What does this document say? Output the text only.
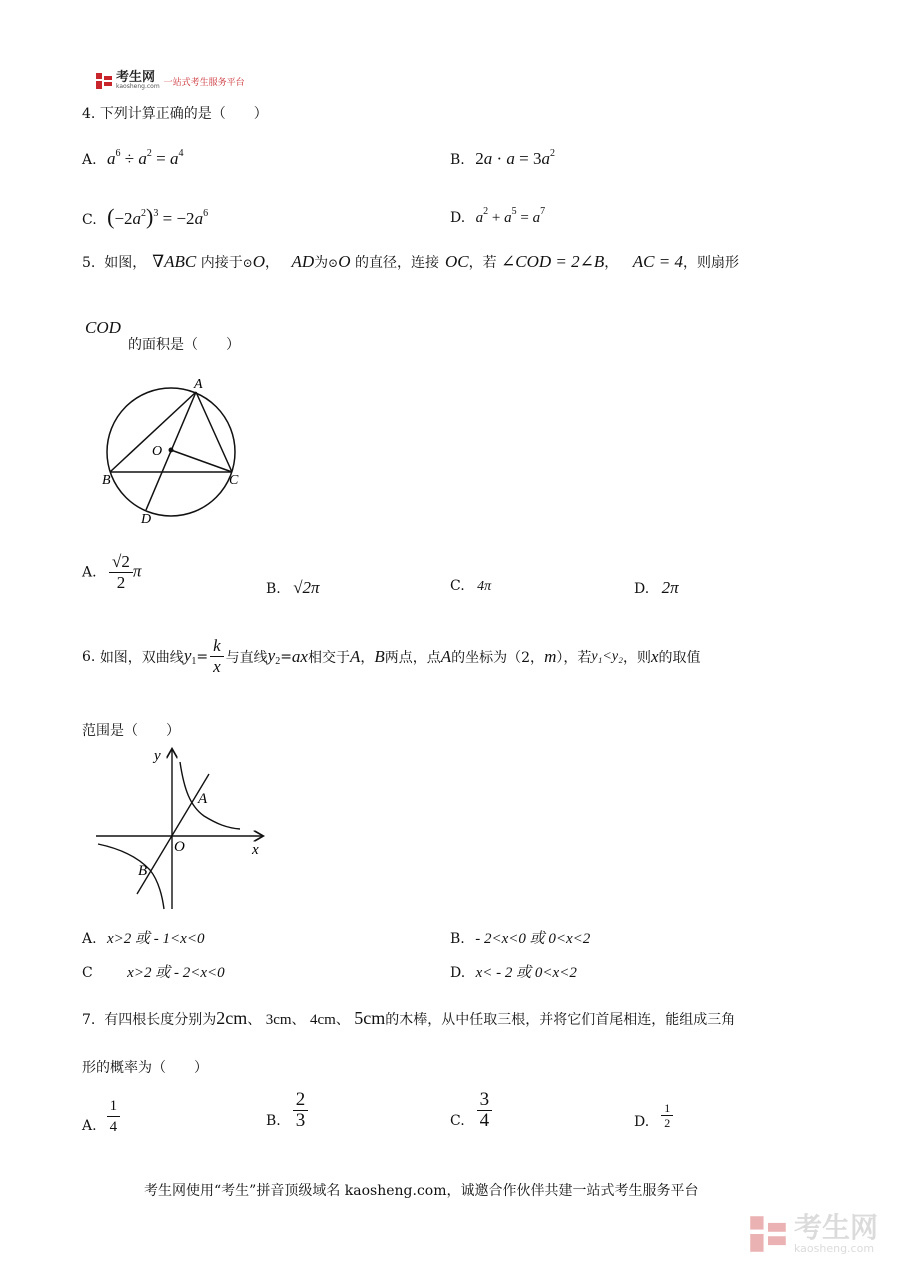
考生网
kaosheng.com 一站式考生服务平台
4. 下列计算正确的是（　　）
A. $a^6 \div a^2 = a^4$	B. $2a \cdot a = 3a^2$
C. $(-2a^2)^3 = -2a^6$	D. $a^2 + a^5 = a^7$
5. 如图， ∇ABC 内接于⊙O， AD为⊙O 的直径，连接 OC，若 ∠COD = 2∠B， AC = 4，则扇形
COD
的面积是（　　）
A
O
B	C
D
A. $\frac{√2}{2}$ π
B. √2π	C. 4π	D. 2π
6.
如图，双曲线 $y_1 = \frac{k}{x}$ 与直线 $y_2$ = ax 相交于 A ， B 两点，点 A 的坐标为（2， m ），若 y₁<y₂ ，则 x 的取值
范围是（　　）
y
A
O	x
B
A. x>2 或 - 1<x<0	B. - 2<x<0 或 0<x<2
C x>2 或 - 2<x<0	D. x< - 2 或 0<x<2
7. 有四根长度分别为2cm、 3cm、 4cm、 5cm的木棒，从中任取三根，并将它们首尾相连，能组成三角
形的概率为（　　）
A. $\frac{1}{4}$	B. $\frac{2}{3}$	C. $\frac{3}{4}$	D. $\frac{1}{2}$
考生网使用“考生”拼音顶级域名 kaosheng.com，诚邀合作伙伴共建一站式考生服务平台
考生网
kaosheng.com
